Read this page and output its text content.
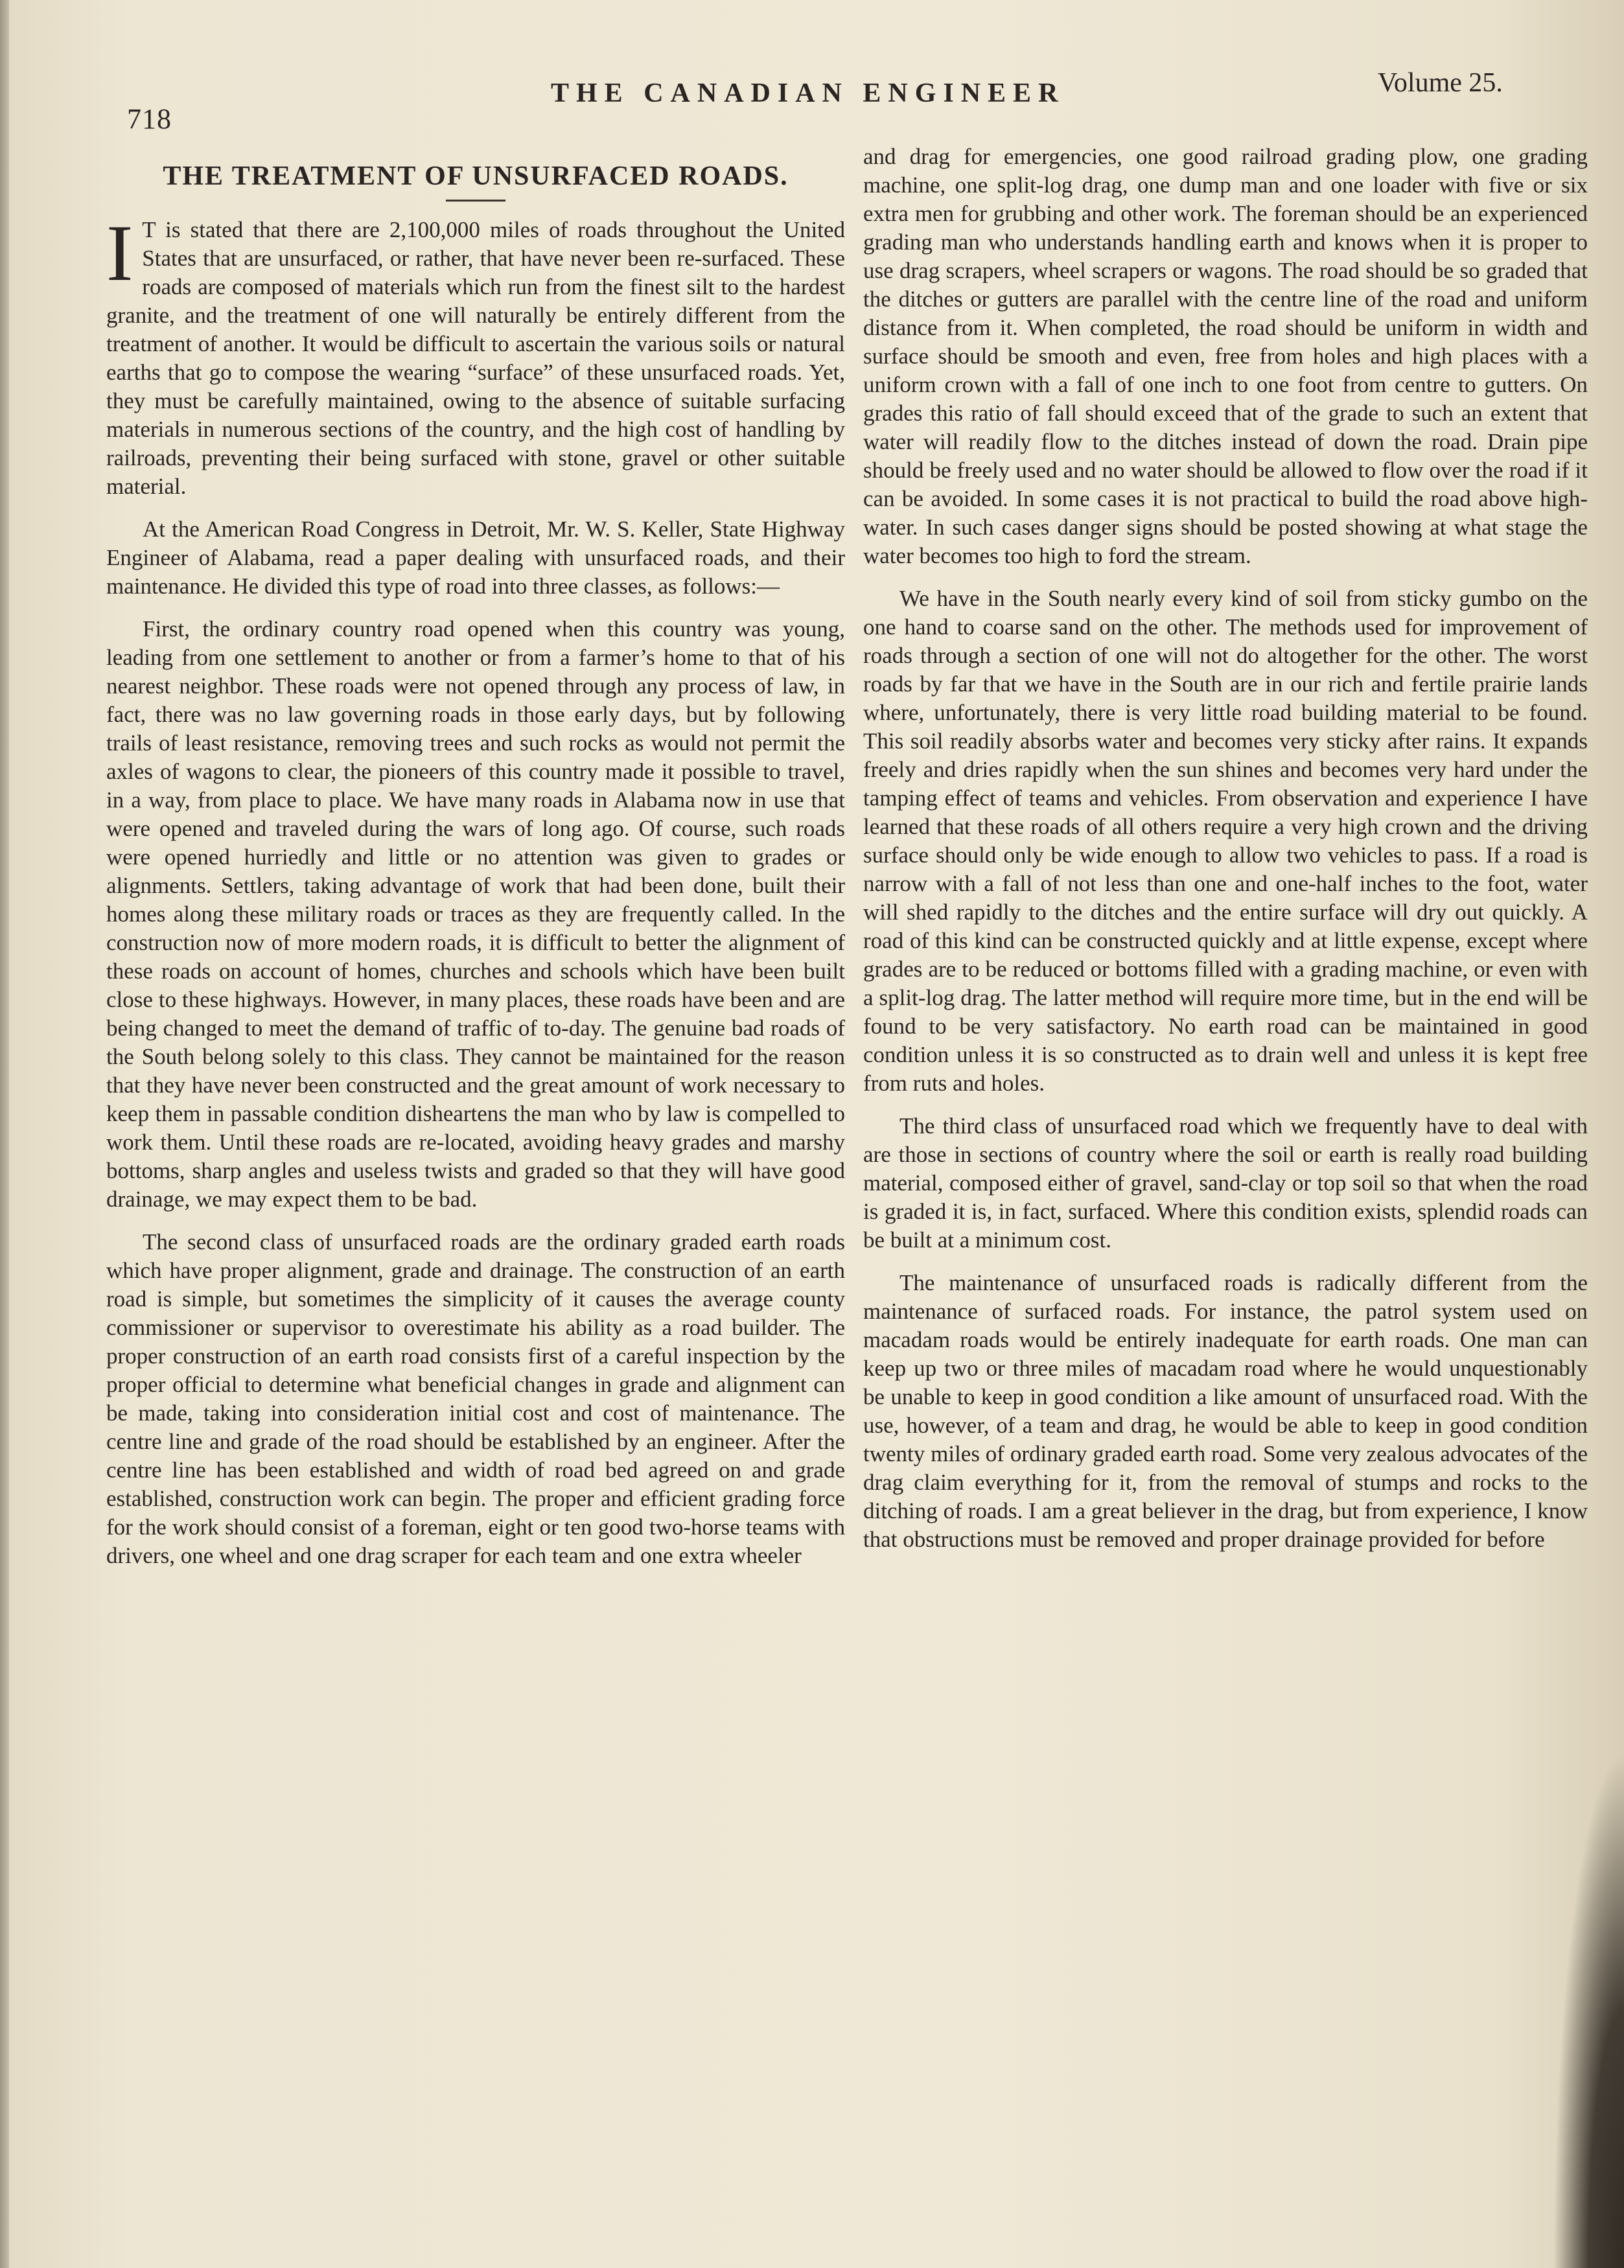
718
THE CANADIAN ENGINEER	Volume 25.
THE TREATMENT OF UNSURFACED ROADS.

I T is stated that there are 2,100,000 miles of roads throughout the United States that are unsurfaced, or rather, that have never been re-surfaced. These roads are composed of materials which run from the finest silt to the hardest granite, and the treatment of one will naturally be entirely different from the treatment of another. It would be difficult to ascertain the various soils or natural earths that go to compose the wearing “surface” of these unsurfaced roads. Yet, they must be carefully maintained, owing to the absence of suitable surfacing materials in numerous sections of the country, and the high cost of handling by railroads, preventing their being surfaced with stone, gravel or other suitable material.

At the American Road Congress in Detroit, Mr. W. S. Keller, State Highway Engineer of Alabama, read a paper dealing with unsurfaced roads, and their maintenance. He divided this type of road into three classes, as follows:—

First, the ordinary country road opened when this country was young, leading from one settlement to another or from a farmer’s home to that of his nearest neighbor. These roads were not opened through any process of law, in fact, there was no law governing roads in those early days, but by following trails of least resistance, removing trees and such rocks as would not permit the axles of wagons to clear, the pioneers of this country made it possible to travel, in a way, from place to place. We have many roads in Alabama now in use that were opened and traveled during the wars of long ago. Of course, such roads were opened hurriedly and little or no attention was given to grades or alignments. Settlers, taking advantage of work that had been done, built their homes along these military roads or traces as they are frequently called. In the construction now of more modern roads, it is difficult to better the alignment of these roads on account of homes, churches and schools which have been built close to these highways. However, in many places, these roads have been and are being changed to meet the demand of traffic of to-day. The genuine bad roads of the South belong solely to this class. They cannot be maintained for the reason that they have never been constructed and the great amount of work necessary to keep them in passable condition disheartens the man who by law is compelled to work them. Until these roads are re-located, avoiding heavy grades and marshy bottoms, sharp angles and useless twists and graded so that they will have good drainage, we may expect them to be bad.

The second class of unsurfaced roads are the ordinary graded earth roads which have proper alignment, grade and drainage. The construction of an earth road is simple, but sometimes the simplicity of it causes the average county commissioner or supervisor to overestimate his ability as a road builder. The proper construction of an earth road consists first of a careful inspection by the proper official to determine what beneficial changes in grade and alignment can be made, taking into consideration initial cost and cost of maintenance. The centre line and grade of the road should be established by an engineer. After the centre line has been established and width of road bed agreed on and grade established, construction work can begin. The proper and efficient grading force for the work should consist of a foreman, eight or ten good two-horse teams with drivers, one wheel and one drag scraper for each team and one extra wheeler

and drag for emergencies, one good railroad grading plow, one grading machine, one split-log drag, one dump man and one loader with five or six extra men for grubbing and other work. The foreman should be an experienced grading man who understands handling earth and knows when it is proper to use drag scrapers, wheel scrapers or wagons. The road should be so graded that the ditches or gutters are parallel with the centre line of the road and uniform distance from it. When completed, the road should be uniform in width and surface should be smooth and even, free from holes and high places with a uniform crown with a fall of one inch to one foot from centre to gutters. On grades this ratio of fall should exceed that of the grade to such an extent that water will readily flow to the ditches instead of down the road. Drain pipe should be freely used and no water should be allowed to flow over the road if it can be avoided. In some cases it is not practical to build the road above high-water. In such cases danger signs should be posted showing at what stage the water becomes too high to ford the stream.

We have in the South nearly every kind of soil from sticky gumbo on the one hand to coarse sand on the other. The methods used for improvement of roads through a section of one will not do altogether for the other. The worst roads by far that we have in the South are in our rich and fertile prairie lands where, unfortunately, there is very little road building material to be found. This soil readily absorbs water and becomes very sticky after rains. It expands freely and dries rapidly when the sun shines and becomes very hard under the tamping effect of teams and vehicles. From observation and experience I have learned that these roads of all others require a very high crown and the driving surface should only be wide enough to allow two vehicles to pass. If a road is narrow with a fall of not less than one and one-half inches to the foot, water will shed rapidly to the ditches and the entire surface will dry out quickly. A road of this kind can be constructed quickly and at little expense, except where grades are to be reduced or bottoms filled with a grading machine, or even with a split-log drag. The latter method will require more time, but in the end will be found to be very satisfactory. No earth road can be maintained in good condition unless it is so constructed as to drain well and unless it is kept free from ruts and holes.

The third class of unsurfaced road which we frequently have to deal with are those in sections of country where the soil or earth is really road building material, composed either of gravel, sand-clay or top soil so that when the road is graded it is, in fact, surfaced. Where this condition exists, splendid roads can be built at a minimum cost.

The maintenance of unsurfaced roads is radically different from the maintenance of surfaced roads. For instance, the patrol system used on macadam roads would be entirely inadequate for earth roads. One man can keep up two or three miles of macadam road where he would unquestionably be unable to keep in good condition a like amount of unsurfaced road. With the use, however, of a team and drag, he would be able to keep in good condition twenty miles of ordinary graded earth road. Some very zealous advocates of the drag claim everything for it, from the removal of stumps and rocks to the ditching of roads. I am a great believer in the drag, but from experience, I know that obstructions must be removed and proper drainage provided for before
